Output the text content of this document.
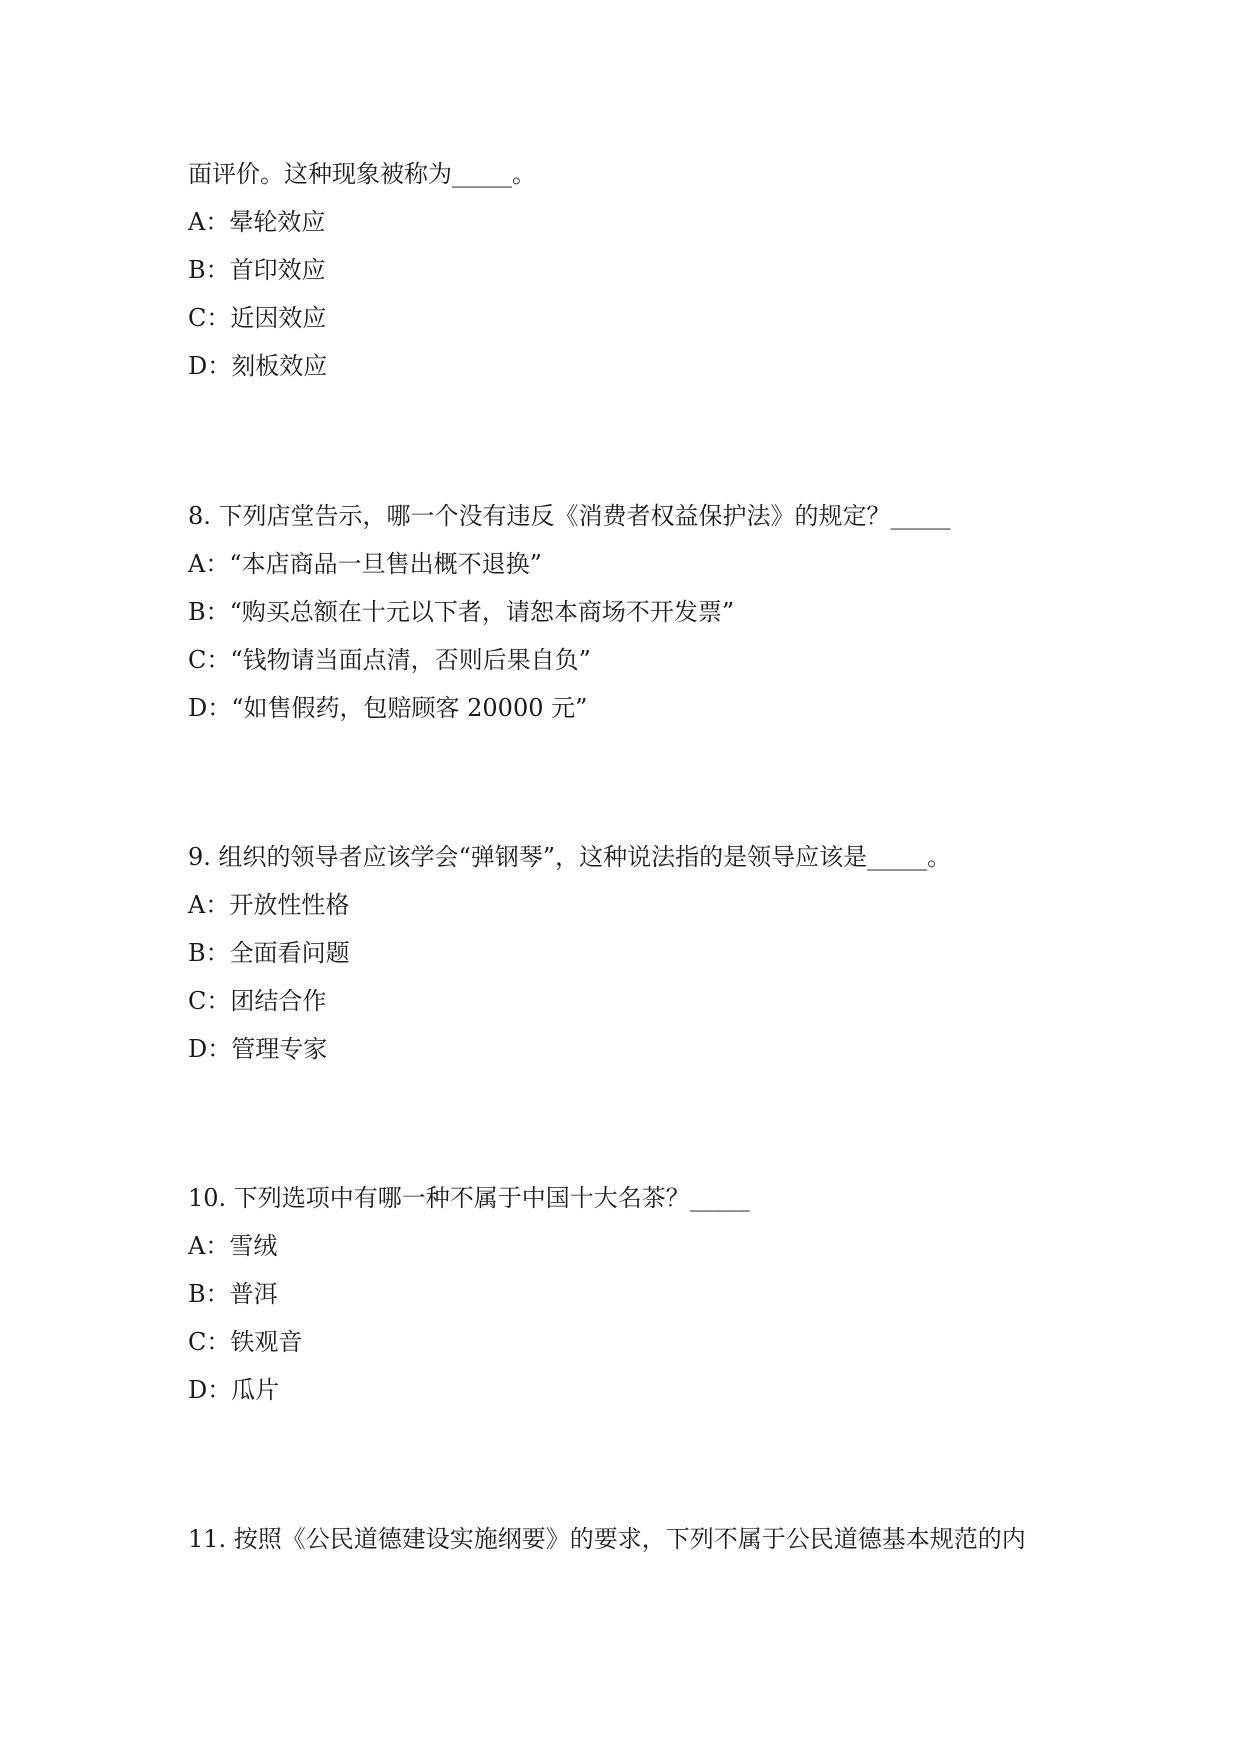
面评价。这种现象被称为_____。
A：晕轮效应
B：首印效应
C：近因效应
D：刻板效应
8. 下列店堂告示，哪一个没有违反《消费者权益保护法》的规定？_____
A：“本店商品一旦售出概不退换”
B：“购买总额在十元以下者，请恕本商场不开发票”
C：“钱物请当面点清，否则后果自负”
D：“如售假药，包赔顾客 20000 元”
9. 组织的领导者应该学会“弹钢琴”，这种说法指的是领导应该是_____。
A：开放性性格
B：全面看问题
C：团结合作
D：管理专家
10. 下列选项中有哪一种不属于中国十大名茶？_____
A：雪绒
B：普洱
C：铁观音
D：瓜片
11. 按照《公民道德建设实施纲要》的要求，下列不属于公民道德基本规范的内
